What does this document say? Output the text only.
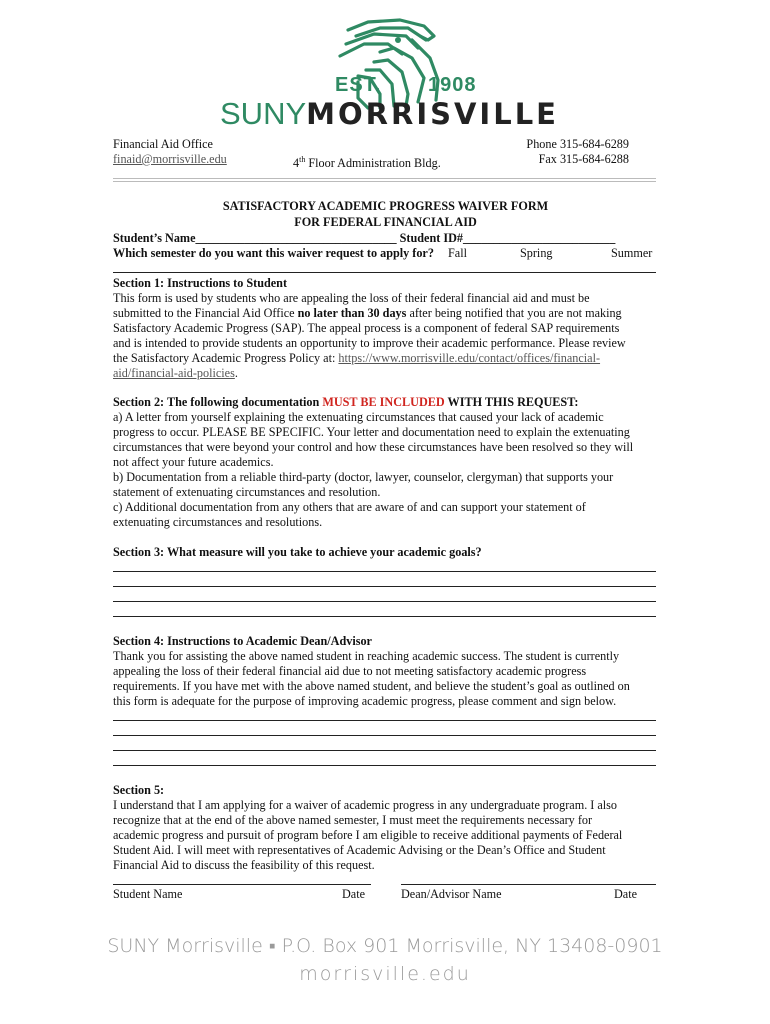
EST.	1908
SUNYMORRISVILLE
Financial Aid Office
finaid@morrisville.edu	4th Floor Administration Bldg.
Phone 315-684-6289
Fax 315-684-6288
SATISFACTORY ACADEMIC PROGRESS WAIVER FORM
FOR FEDERAL FINANCIAL AID
Student’s Name_________________________________ Student ID#_________________________
Which semester do you want this waiver request to apply for? Fall	Spring	Summer
Section 1: Instructions to Student
This form is used by students who are appealing the loss of their federal financial aid and must be
submitted to the Financial Aid Office no later than 30 days after being notified that you are not making
Satisfactory Academic Progress (SAP). The appeal process is a component of federal SAP requirements
and is intended to provide students an opportunity to improve their academic performance. Please review
the Satisfactory Academic Progress Policy at: https://www.morrisville.edu/contact/offices/financial-
aid/financial-aid-policies.
Section 2: The following documentation MUST BE INCLUDED WITH THIS REQUEST:
a) A letter from yourself explaining the extenuating circumstances that caused your lack of academic
progress to occur. PLEASE BE SPECIFIC. Your letter and documentation need to explain the extenuating
circumstances that were beyond your control and how these circumstances have been resolved so they will
not affect your future academics.
b) Documentation from a reliable third-party (doctor, lawyer, counselor, clergyman) that supports your
statement of extenuating circumstances and resolution.
c) Additional documentation from any others that are aware of and can support your statement of
extenuating circumstances and resolutions.
Section 3: What measure will you take to achieve your academic goals?
Section 4: Instructions to Academic Dean/Advisor
Thank you for assisting the above named student in reaching academic success. The student is currently
appealing the loss of their federal financial aid due to not meeting satisfactory academic progress
requirements. If you have met with the above named student, and believe the student’s goal as outlined on
this form is adequate for the purpose of improving academic progress, please comment and sign below.
Section 5:
I understand that I am applying for a waiver of academic progress in any undergraduate program. I also
recognize that at the end of the above named semester, I must meet the requirements necessary for
academic progress and pursuit of program before I am eligible to receive additional payments of Federal
Student Aid. I will meet with representatives of Academic Advising or the Dean’s Office and Student
Financial Aid to discuss the feasibility of this request.
Student Name	Date	Dean/Advisor Name	Date
SUNY Morrisville ▪ P.O. Box 901 Morrisville, NY 13408-0901
morrisville.edu
